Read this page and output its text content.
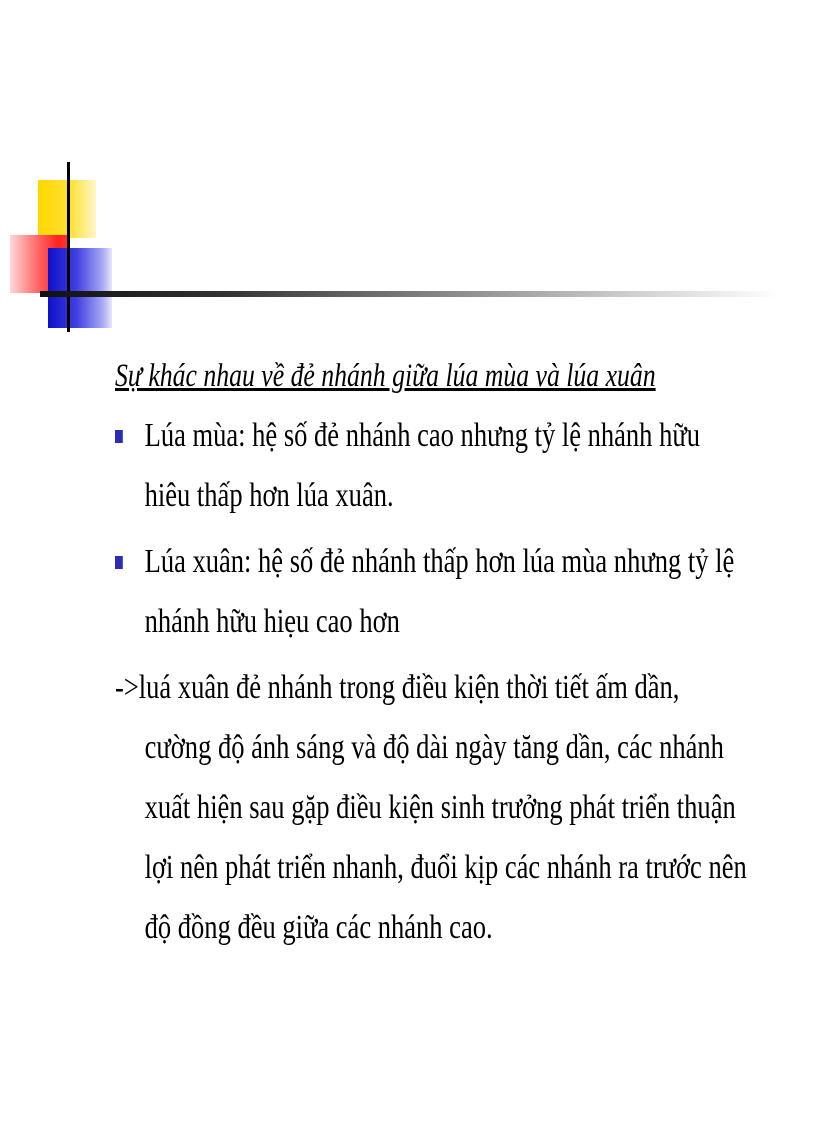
Sự khác nhau về đẻ nhánh giữa lúa mùa và lúa xuân
Lúa mùa: hệ số đẻ nhánh cao nhưng tỷ lệ nhánh hữu
hiêu thấp hơn lúa xuân.
Lúa xuân: hệ số đẻ nhánh thấp hơn lúa mùa nhưng tỷ lệ
nhánh hữu hiẹu cao hơn
->luá xuân đẻ nhánh trong điều kiện thời tiết ấm dần,
cường độ ánh sáng và độ dài ngày tăng dần, các nhánh
xuất hiện sau gặp điều kiện sinh trưởng phát triển thuận
lợi nên phát triển nhanh, đuổi kịp các nhánh ra trước nên
độ đồng đều giữa các nhánh cao.
